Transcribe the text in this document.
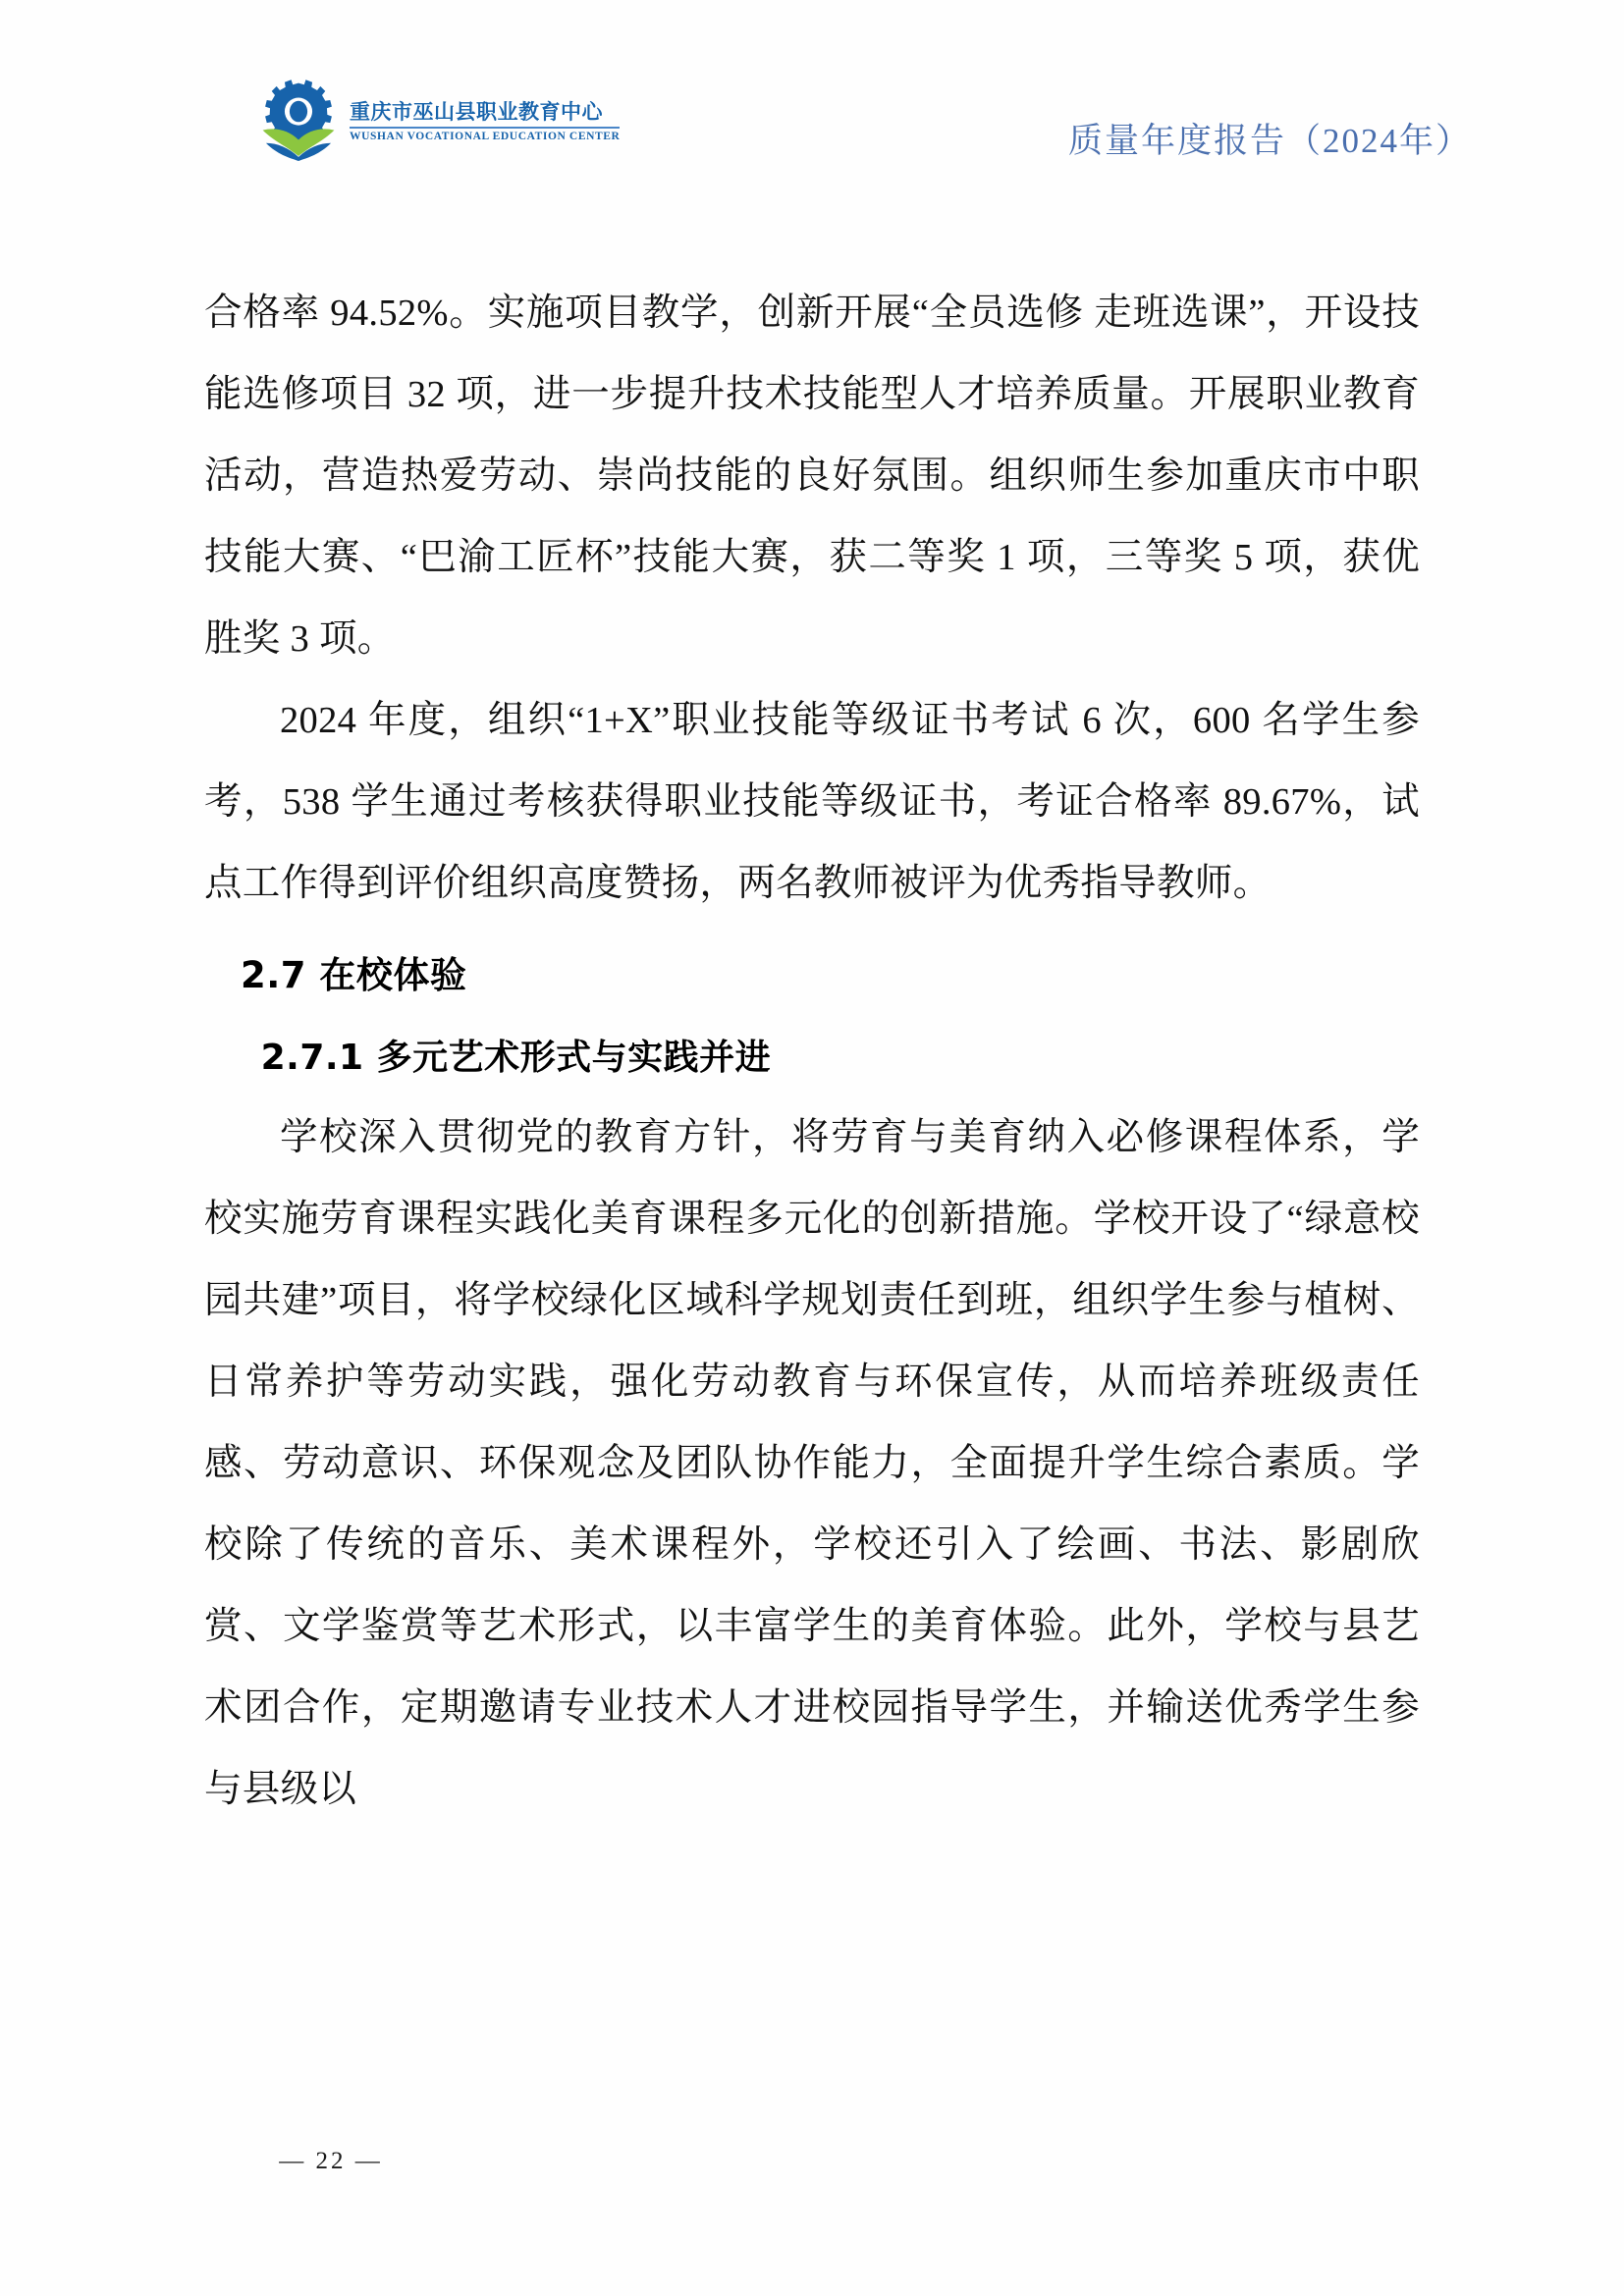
重庆市巫山县职业教育中心
WUSHAN VOCATIONAL EDUCATION CENTER	质量年度报告（2024年）

合格率 94.52%。实施项目教学，创新开展“全员选修 走班选课”，开设技能选修项目 32 项，进一步提升技术技能型人才培养质量。开展职业教育活动，营造热爱劳动、崇尚技能的良好氛围。组织师生参加重庆市中职技能大赛、“巴渝工匠杯”技能大赛，获二等奖 1 项，三等奖 5 项，获优胜奖 3 项。

2024 年度，组织“1+X”职业技能等级证书考试 6 次，600 名学生参考，538 学生通过考核获得职业技能等级证书，考证合格率 89.67%，试点工作得到评价组织高度赞扬，两名教师被评为优秀指导教师。

2.7 在校体验
2.7.1 多元艺术形式与实践并进

学校深入贯彻党的教育方针，将劳育与美育纳入必修课程体系，学校实施劳育课程实践化美育课程多元化的创新措施。学校开设了“绿意校园共建”项目，将学校绿化区域科学规划责任到班，组织学生参与植树、日常养护等劳动实践，强化劳动教育与环保宣传，从而培养班级责任感、劳动意识、环保观念及团队协作能力，全面提升学生综合素质。学校除了传统的音乐、美术课程外，学校还引入了绘画、书法、影剧欣赏、文学鉴赏等艺术形式，以丰富学生的美育体验。此外，学校与县艺术团合作，定期邀请专业技术人才进校园指导学生，并输送优秀学生参与县级以

— 22 —
